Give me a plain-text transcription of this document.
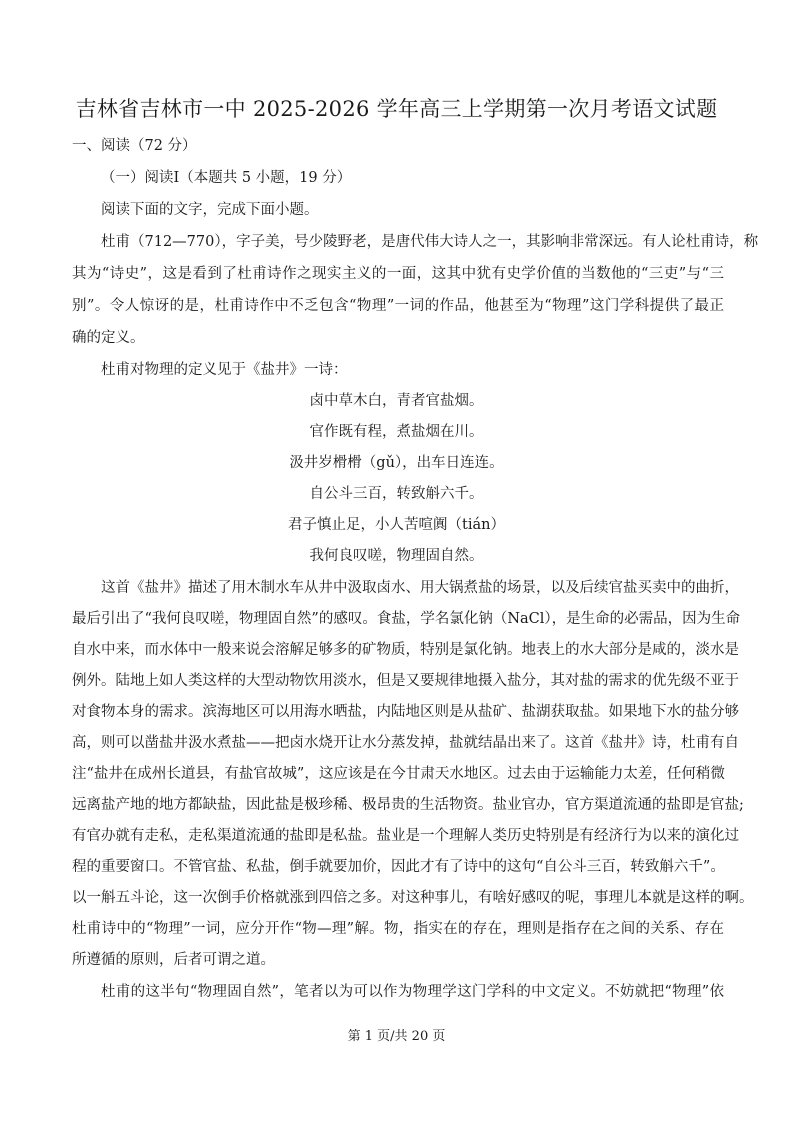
吉林省吉林市一中 2025-2026 学年高三上学期第一次月考语文试题

一、阅读（72 分）

（一）阅读Ⅰ（本题共 5 小题，19 分）

阅读下面的文字，完成下面小题。

杜甫（712—770），字子美，号少陵野老，是唐代伟大诗人之一，其影响非常深远。有人论杜甫诗，称

其为“诗史”，这是看到了杜甫诗作之现实主义的一面，这其中犹有史学价值的当数他的“三吏”与“三

别”。令人惊讶的是，杜甫诗作中不乏包含“物理”一词的作品，他甚至为“物理”这门学科提供了最正

确的定义。

杜甫对物理的定义见于《盐井》一诗：

卤中草木白，青者官盐烟。

官作既有程，煮盐烟在川。

汲井岁榾榾（gǔ），出车日连连。

自公斗三百，转致斛六千。

君子慎止足，小人苦喧阗（tián）

我何良叹嗟，物理固自然。

这首《盐井》描述了用木制水车从井中汲取卤水、用大锅煮盐的场景，以及后续官盐买卖中的曲折，

最后引出了“我何良叹嗟，物理固自然”的感叹。食盐，学名氯化钠（NaCl），是生命的必需品，因为生命

自水中来，而水体中一般来说会溶解足够多的矿物质，特别是氯化钠。地表上的水大部分是咸的，淡水是

例外。陆地上如人类这样的大型动物饮用淡水，但是又要规律地摄入盐分，其对盐的需求的优先级不亚于

对食物本身的需求。滨海地区可以用海水晒盐，内陆地区则是从盐矿、盐湖获取盐。如果地下水的盐分够

高，则可以凿盐井汲水煮盐——把卤水烧开让水分蒸发掉，盐就结晶出来了。这首《盐井》诗，杜甫有自

注“盐井在成州长道县，有盐官故城”，这应该是在今甘肃天水地区。过去由于运输能力太差，任何稍微

远离盐产地的地方都缺盐，因此盐是极珍稀、极昂贵的生活物资。盐业官办，官方渠道流通的盐即是官盐;

有官办就有走私，走私渠道流通的盐即是私盐。盐业是一个理解人类历史特别是有经济行为以来的演化过

程的重要窗口。不管官盐、私盐，倒手就要加价，因此才有了诗中的这句“自公斗三百，转致斛六千”。

以一斛五斗论，这一次倒手价格就涨到四倍之多。对这种事儿，有啥好感叹的呢，事理儿本就是这样的啊。

杜甫诗中的“物理”一词，应分开作“物—理”解。物，指实在的存在，理则是指存在之间的关系、存在

所遵循的原则，后者可谓之道。

杜甫的这半句“物理固自然”，笔者以为可以作为物理学这门学科的中文定义。不妨就把“物理”依

第 1 页/共 20 页
